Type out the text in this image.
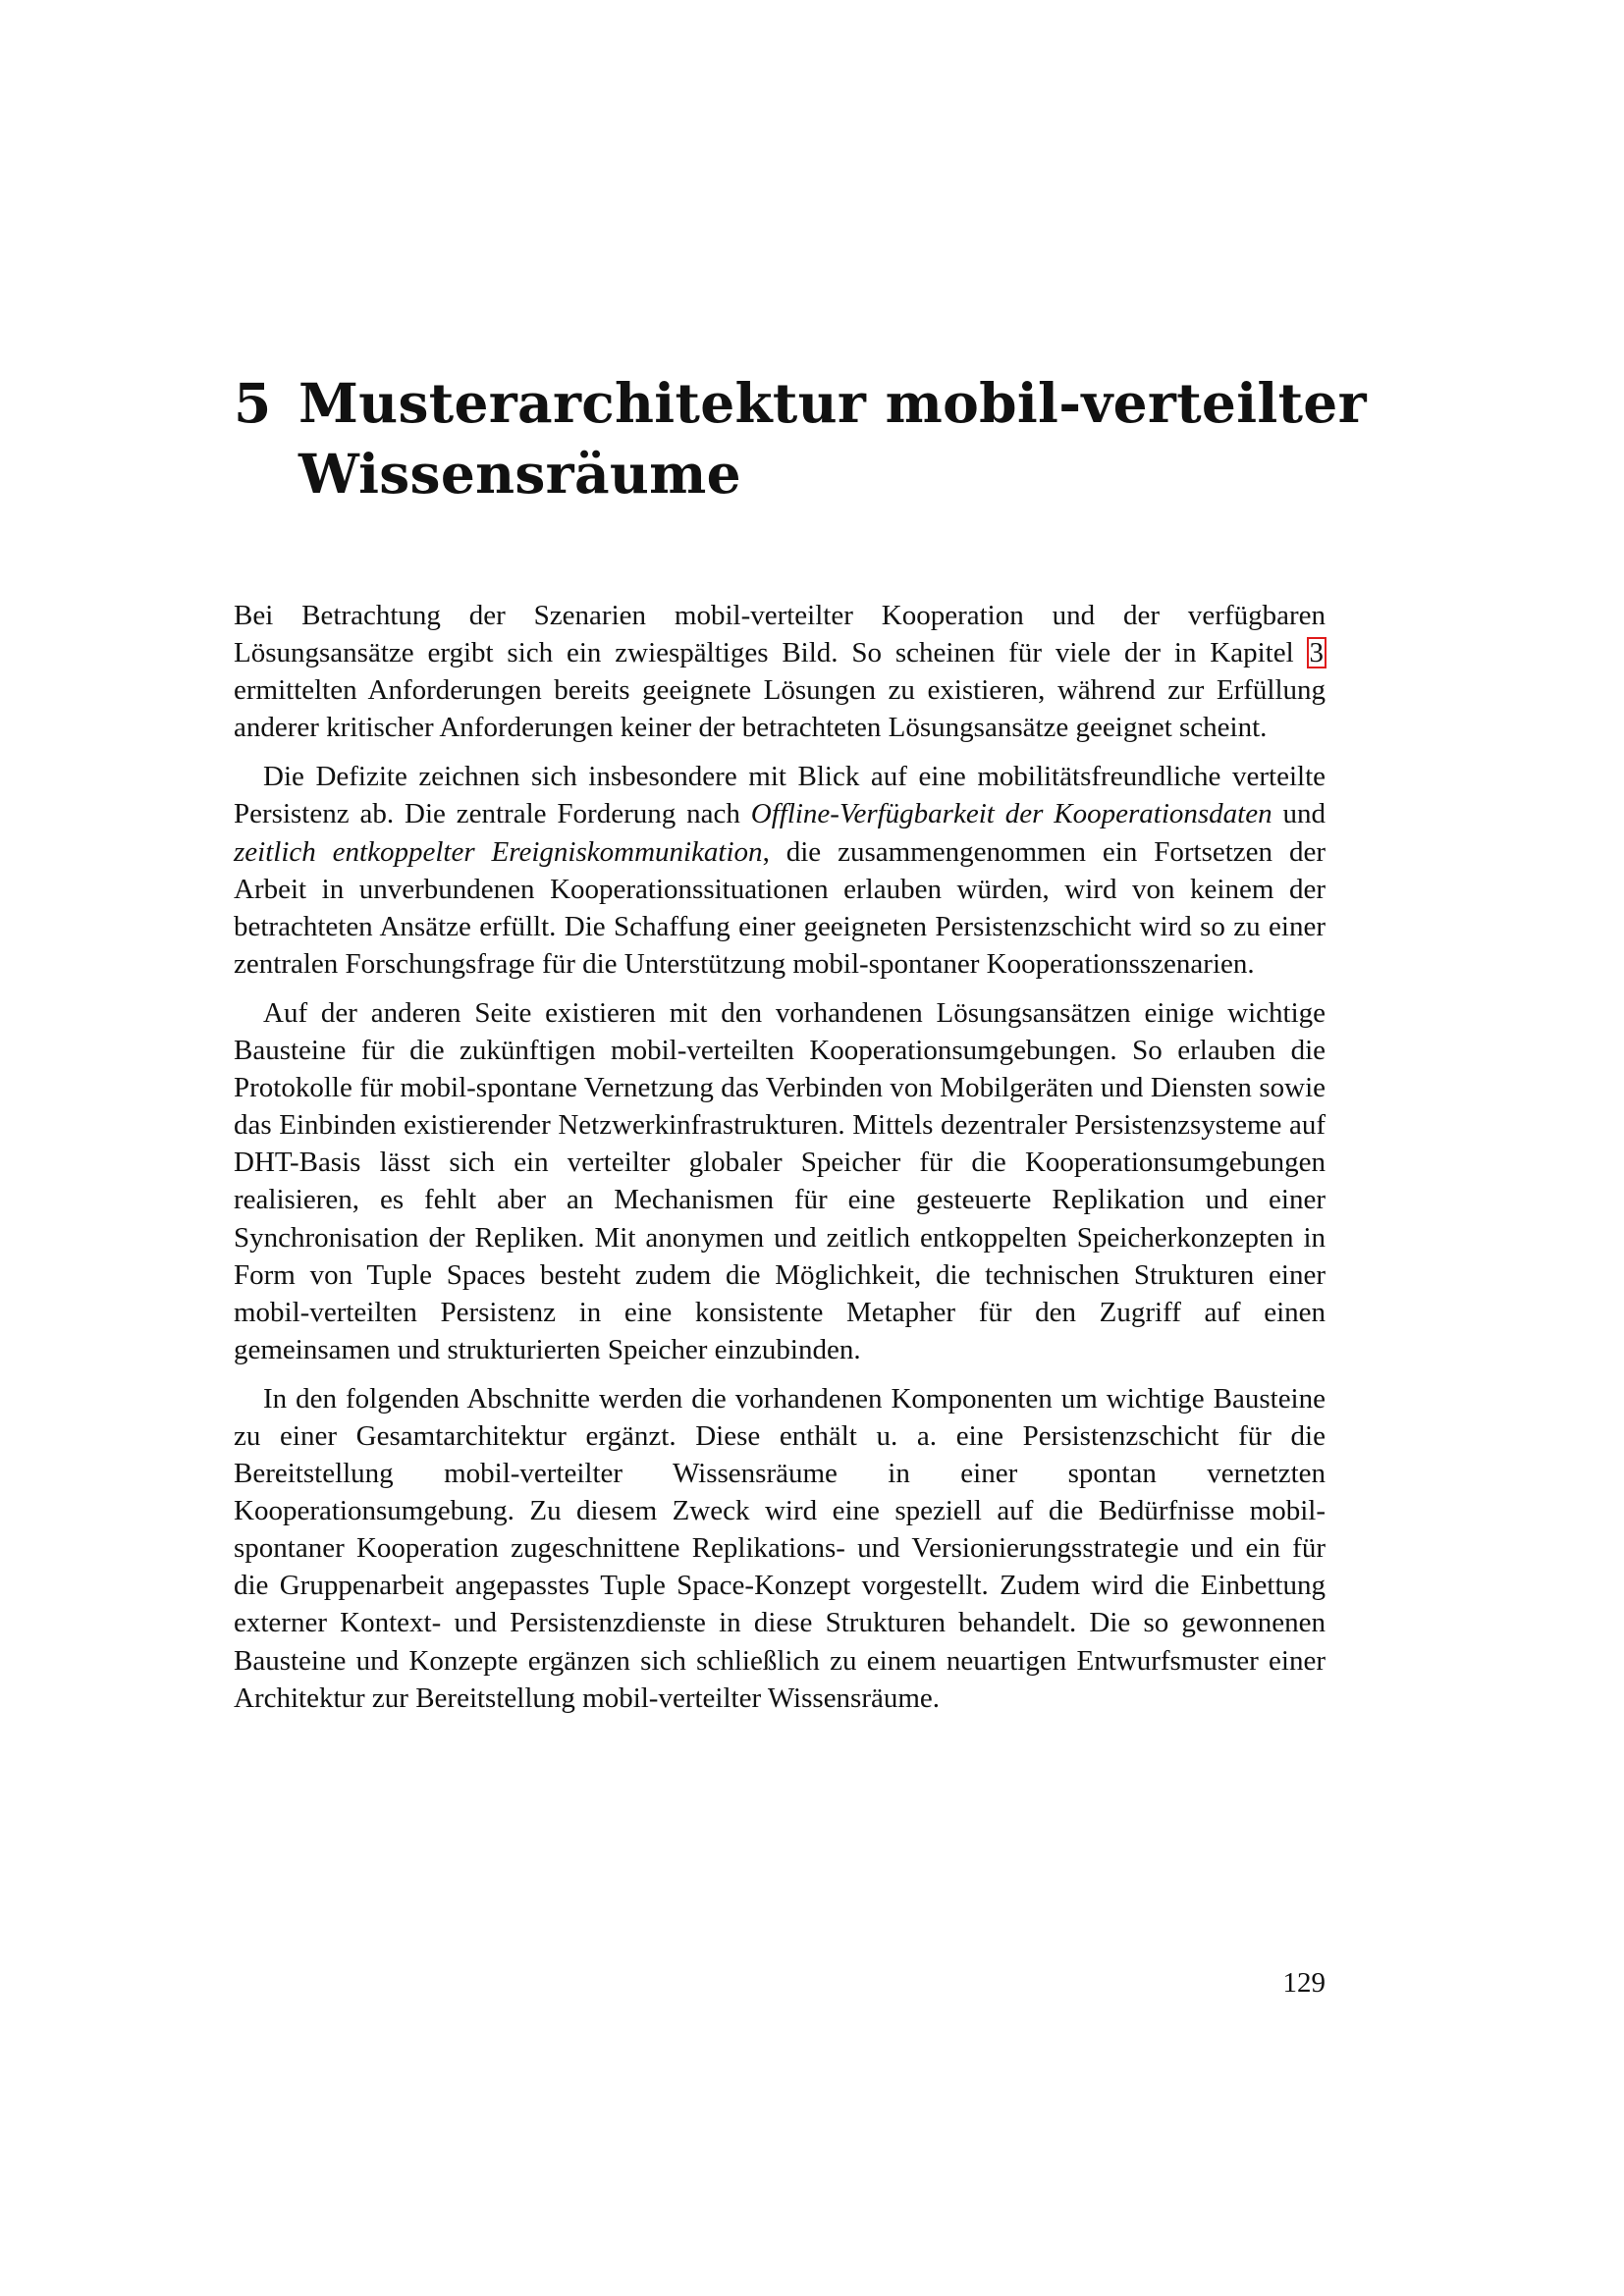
5 Musterarchitektur mobil-verteilter
Wissensräume

Bei Betrachtung der Szenarien mobil-verteilter Kooperation und der verfügbaren Lösungsansätze ergibt sich ein zwiespältiges Bild. So scheinen für viele der in Kapitel 3 ermittelten Anforderungen bereits geeignete Lösungen zu existieren, während zur Erfüllung anderer kritischer Anforderungen keiner der betrachteten Lösungsansätze geeignet scheint.

Die Defizite zeichnen sich insbesondere mit Blick auf eine mobilitätsfreundliche verteilte Persistenz ab. Die zentrale Forderung nach Offline-Verfügbarkeit der Kooperationsdaten und zeitlich entkoppelter Ereigniskommunikation, die zusammengenommen ein Fortsetzen der Arbeit in unverbundenen Kooperationssituationen erlauben würden, wird von keinem der betrachteten Ansätze erfüllt. Die Schaffung einer geeigneten Persistenzschicht wird so zu einer zentralen Forschungsfrage für die Unterstützung mobil-spontaner Kooperationsszenarien.

Auf der anderen Seite existieren mit den vorhandenen Lösungsansätzen einige wichtige Bausteine für die zukünftigen mobil-verteilten Kooperationsumgebungen. So erlauben die Protokolle für mobil-spontane Vernetzung das Verbinden von Mobilgeräten und Diensten sowie das Einbinden existierender Netzwerkinfrastrukturen. Mittels dezentraler Persistenzsysteme auf DHT-Basis lässt sich ein verteilter globaler Speicher für die Kooperationsumgebungen realisieren, es fehlt aber an Mechanismen für eine gesteuerte Replikation und einer Synchronisation der Repliken. Mit anonymen und zeitlich entkoppelten Speicherkonzepten in Form von Tuple Spaces besteht zudem die Möglichkeit, die technischen Strukturen einer mobil-verteilten Persistenz in eine konsistente Metapher für den Zugriff auf einen gemeinsamen und strukturierten Speicher einzubinden.

In den folgenden Abschnitte werden die vorhandenen Komponenten um wichtige Bausteine zu einer Gesamtarchitektur ergänzt. Diese enthält u. a. eine Persistenzschicht für die Bereitstellung mobil-verteilter Wissensräume in einer spontan vernetzten Kooperationsumgebung. Zu diesem Zweck wird eine speziell auf die Bedürfnisse mobil-spontaner Kooperation zugeschnittene Replikations- und Versionierungsstrategie und ein für die Gruppenarbeit angepasstes Tuple Space-Konzept vorgestellt. Zudem wird die Einbettung externer Kontext- und Persistenzdienste in diese Strukturen behandelt. Die so gewonnenen Bausteine und Konzepte ergänzen sich schließlich zu einem neuartigen Entwurfsmuster einer Architektur zur Bereitstellung mobil-verteilter Wissensräume.

129
